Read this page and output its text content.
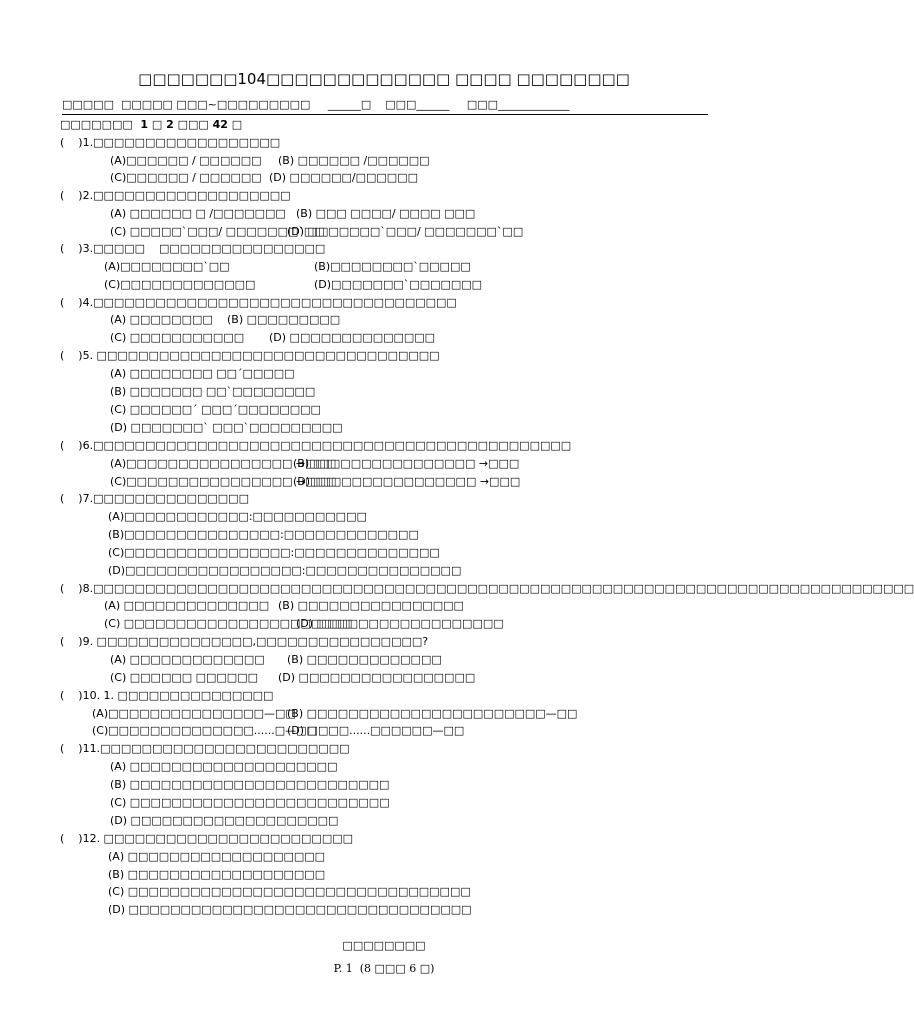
□□□□□□□104□□□□□□□□□□□□□ □□□□ □□□□□□□□
□□□□□  □□□□□ □□□~□□□□□□□□□     ______□    □□□______     □□□_____________
□□□□□□□  1 □ 2 □□□ 42 □
(    )1.□□□□□□□□□□□□□□□□□□
(A)□□□□□□ / □□□□□□ (B) □□□□□□ /□□□□□□
(C)□□□□□□ / □□□□□□ (D) □□□□□□/□□□□□□
(    )2.□□□□□□□□□□□□□□□□□□□
(A) □□□□□□ □ /□□□□□□□ (B) □□□ □□□□/ □□□□ □□□
(C) □□□□□`□□□/ □□□□□□□`□□
(D) □□□□□□□`□□□/ □□□□□□□`□□
(    )3.□□□□□    □□□□□□□□□□□□□□□□
(A)□□□□□□□□`□□	(B)□□□□□□□□`□□□□□
(C)□□□□□□□□□□□□□	(D)□□□□□□□`□□□□□□□
(    )4.□□□□□□□□□□□□□□□□□□□□□□□□□□□□□□□□□□□
(A) □□□□□□□□ (B) □□□□□□□□□
(C) □□□□□□□□□□□ (D) □□□□□□□□□□□□□□
(    )5. □□□□□□□□□□□□□□□□□□□□□□□□□□□□□□□□□
(A) □□□□□□□□ □□´□□□□□
(B) □□□□□□□ □□`□□□□□□□□
(C) □□□□□□´ □□□´□□□□□□□□
(D) □□□□□□□` □□□`□□□□□□□□□
(    )6.□□□□□□□□□□□□□□□□□□□□□□□□□□□□□□□□□□□□□□□□□□□□□□
(A)□□□□□□□□□□□□□□□□ →□□□
(B)□□□□□□□□□□□□□□□□ →□□□
(C)□□□□□□□□□□□□□□□□ →□□□
(D)□□□□□□□□□□□□□□□□ →□□□
(    )7.□□□□□□□□□□□□□□□
(A)□□□□□□□□□□□□:□□□□□□□□□□□
(B)□□□□□□□□□□□□□□□:□□□□□□□□□□□□□
(C)□□□□□□□□□□□□□□□□:□□□□□□□□□□□□□□
(D)□□□□□□□□□□□□□□□□□:□□□□□□□□□□□□□□□
(    )8.□□□□□□□□□□□□□□□□□□□□□□□□□□□□□□□□□□□□□□□□□□□□□□□□□□□□□□□□□□□□□□□□□□□□□□□□□□□□□□□
(A) □□□□□□□□□□□□□□ (B) □□□□□□□□□□□□□□□□
(C) □□□□□□□□□□□□□□□□□□□□□□
(D) □□□□□□□□□□□□□□□□□□
(    )9. □□□□□□□□□□□□□□□,□□□□□□□□□□□□□□□□?
(A) □□□□□□□□□□□□□ (B) □□□□□□□□□□□□□
(C) □□□□□□ □□□□□□ (D) □□□□□□□□□□□□□□□□□
(    )10. 1. □□□□□□□□□□□□□□□
(A)□□□□□□□□□□□□□□□—□□
(B) □□□□□□□□□□□□□□□□□□□□□□□—□□
(C)□□□□□□□□□□□□□□......□—□□
(D) □□□□......□□□□□□—□□
(    )11.□□□□□□□□□□□□□□□□□□□□□□□□
(A) □□□□□□□□□□□□□□□□□□□□
(B) □□□□□□□□□□□□□□□□□□□□□□□□□
(C) □□□□□□□□□□□□□□□□□□□□□□□□□
(D) □□□□□□□□□□□□□□□□□□□□
(    )12. □□□□□□□□□□□□□□□□□□□□□□□□
(A) □□□□□□□□□□□□□□□□□□□
(B) □□□□□□□□□□□□□□□□□□□
(C) □□□□□□□□□□□□□□□□□□□□□□□□□□□□□□□□□
(D) □□□□□□□□□□□□□□□□□□□□□□□□□□□□□□□□□
□□□□□□□□
P. 1  (8 □□□ 6 □)
